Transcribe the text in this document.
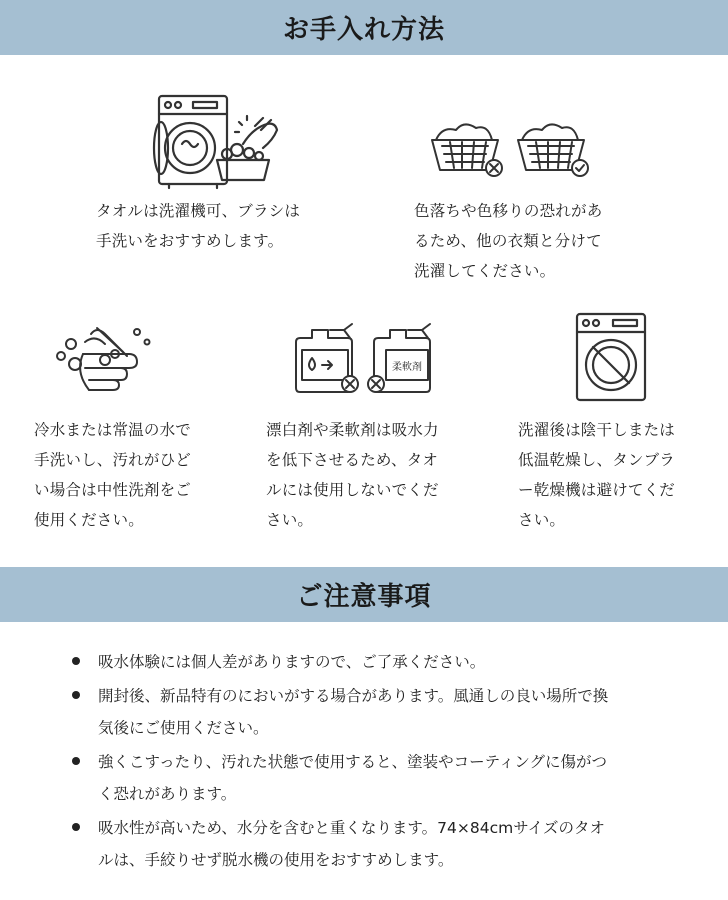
お手入れ方法
タオルは洗濯機可、ブラシは
手洗いをおすすめします。
色落ちや色移りの恐れがあ
るため、他の衣類と分けて
洗濯してください。
冷水または常温の水で
手洗いし、汚れがひど
い場合は中性洗剤をご
使用ください。
柔軟剤
漂白剤や柔軟剤は吸水力
を低下させるため、タオ
ルには使用しないでくだ
さい。
洗濯後は陰干しまたは
低温乾燥し、タンブラ
ー乾燥機は避けてくだ
さい。
ご注意事項
吸水体験には個人差がありますので、ご了承ください。
開封後、新品特有のにおいがする場合があります。風通しの良い場所で換
気後にご使用ください。
強くこすったり、汚れた状態で使用すると、塗装やコーティングに傷がつ
く恐れがあります。
吸水性が高いため、水分を含むと重くなります。74×84cmサイズのタオ
ルは、手絞りせず脱水機の使用をおすすめします。
